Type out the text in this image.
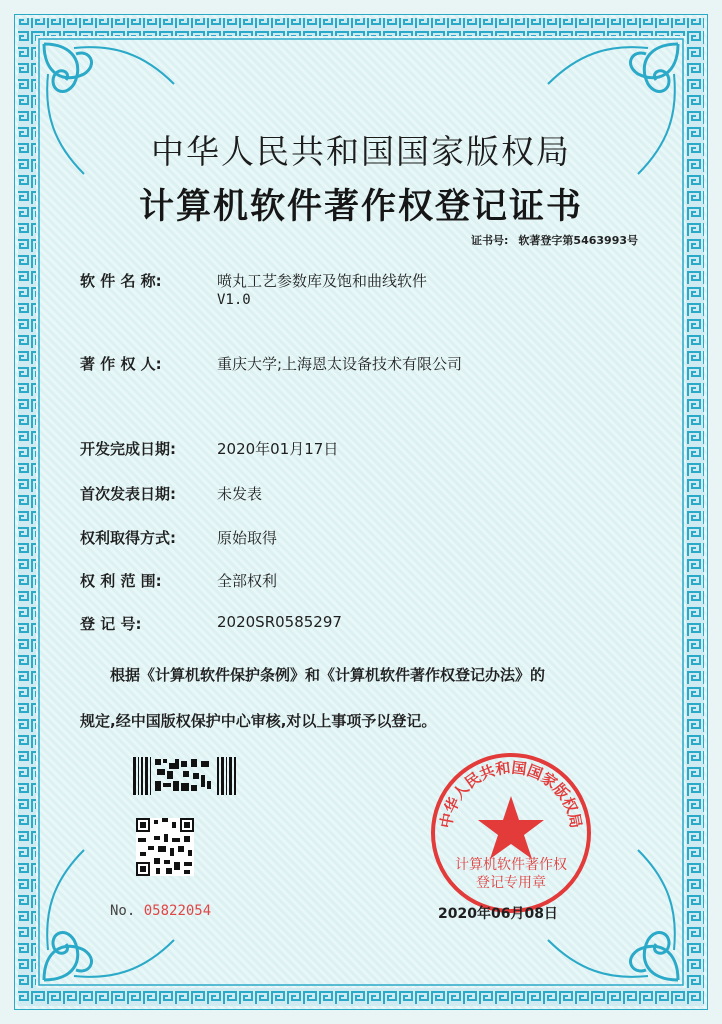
中华人民共和国国家版权局
计算机软件著作权登记证书
证书号: 软著登字第5463993号
软 件 名 称:	喷丸工艺参数库及饱和曲线软件
V1.0
著 作 权 人:	重庆大学;上海恩太设备技术有限公司
开发完成日期:	2020年01月17日
首次发表日期:	未发表
权利取得方式:	原始取得
权 利 范 围:	全部权利
登 记 号:	2020SR0585297
根据《计算机软件保护条例》和《计算机软件著作权登记办法》的
规定,经中国版权保护中心审核,对以上事项予以登记。
中华人民共和国国家版权局
计算机软件著作权
登记专用章
2020年06月08日
No. 05822054
